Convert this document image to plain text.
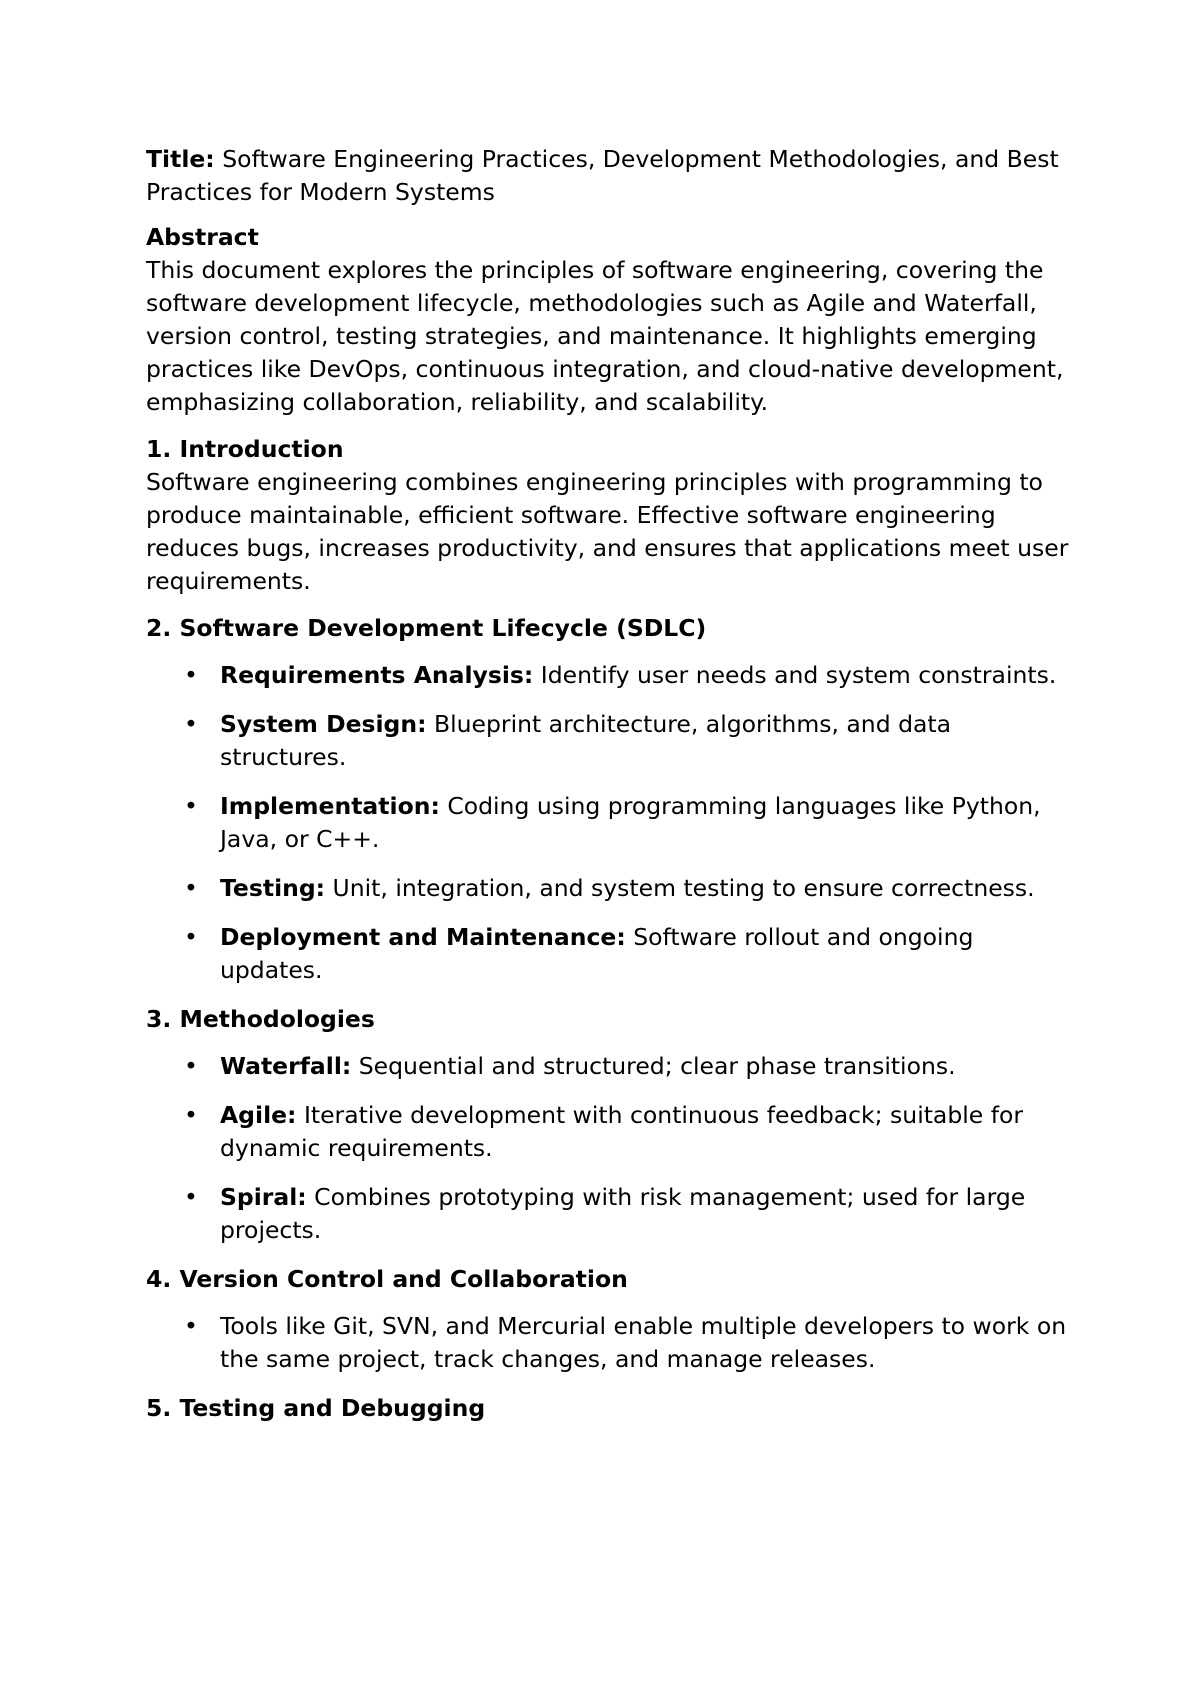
Title: Software Engineering Practices, Development Methodologies, and Best Practices for Modern Systems

Abstract

This document explores the principles of software engineering, covering the software development lifecycle, methodologies such as Agile and Waterfall, version control, testing strategies, and maintenance. It highlights emerging practices like DevOps, continuous integration, and cloud-native development, emphasizing collaboration, reliability, and scalability.

1. Introduction

Software engineering combines engineering principles with programming to produce maintainable, efficient software. Effective software engineering reduces bugs, increases productivity, and ensures that applications meet user requirements.

2. Software Development Lifecycle (SDLC)

• Requirements Analysis: Identify user needs and system constraints.
• System Design: Blueprint architecture, algorithms, and data structures.
• Implementation: Coding using programming languages like Python, Java, or C++.
• Testing: Unit, integration, and system testing to ensure correctness.
• Deployment and Maintenance: Software rollout and ongoing updates.

3. Methodologies

• Waterfall: Sequential and structured; clear phase transitions.
• Agile: Iterative development with continuous feedback; suitable for dynamic requirements.
• Spiral: Combines prototyping with risk management; used for large projects.

4. Version Control and Collaboration

• Tools like Git, SVN, and Mercurial enable multiple developers to work on the same project, track changes, and manage releases.

5. Testing and Debugging
